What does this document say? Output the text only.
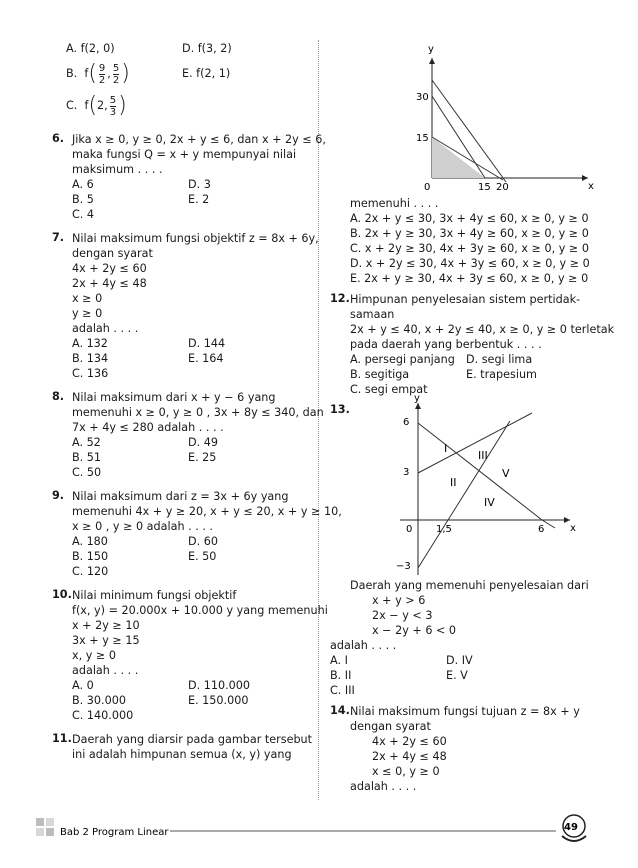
A. f(2, 0)	D. f(3, 2)
B. $f( \frac{9}{2}$ , $\frac{5}{2}$ )	E. f(2, 1)
C. f(2, $\frac{5}{3}$ )
6. Jika x ≥ 0, y ≥ 0, 2x + y ≤ 6, dan x + 2y ≤ 6,
maka fungsi Q = x + y mempunyai nilai
maksimum . . . .
A. 6	D. 3
B. 5	E. 2
C. 4
7. Nilai maksimum fungsi objektif z = 8x + 6y,
dengan syarat
4x + 2y ≤ 60
2x + 4y ≤ 48
x ≥ 0
y ≥ 0
adalah . . . .
A. 132	D. 144
B. 134	E. 164
C. 136
8. Nilai maksimum dari x + y − 6 yang
memenuhi x ≥ 0, y ≥ 0 , 3x + 8y ≤ 340, dan
7x + 4y ≤ 280 adalah . . . .
A. 52	D. 49
B. 51	E. 25
C. 50
9. Nilai maksimum dari z = 3x + 6y yang
memenuhi 4x + y ≥ 20, x + y ≤ 20, x + y ≥ 10,
x ≥ 0 , y ≥ 0 adalah . . . .
A. 180	D. 60
B. 150	E. 50
C. 120
10. Nilai minimum fungsi objektif
f(x, y) = 20.000x + 10.000 y yang memenuhi
x + 2y ≥ 10
3x + y ≥ 15
x, y ≥ 0
adalah . . . .
A. 0	D. 110.000
B. 30.000	E. 150.000
C. 140.000
11. Daerah yang diarsir pada gambar tersebut
ini adalah himpunan semua (x, y) yang
y
x
30
15
0	15 20
memenuhi . . . .
A. 2x + y ≤ 30, 3x + 4y ≤ 60, x ≥ 0, y ≥ 0
B. 2x + y ≥ 30, 3x + 4y ≥ 60, x ≥ 0, y ≥ 0
C. x + 2y ≥ 30, 4x + 3y ≥ 60, x ≥ 0, y ≥ 0
D. x + 2y ≤ 30, 4x + 3y ≤ 60, x ≥ 0, y ≥ 0
E. 2x + y ≥ 30, 4x + 3y ≤ 60, x ≥ 0, y ≥ 0
12. Himpunan penyelesaian sistem pertidak-
samaan
2x + y ≤ 40, x + 2y ≤ 40, x ≥ 0, y ≥ 0 terletak
pada daerah yang berbentuk . . . .
A. persegi panjang D. segi lima
B. segitiga	E. trapesium
C. segi empat
13.
y
x
6
3
−3
0 1,5	6
I
II
III
IV
V
Daerah yang memenuhi penyelesaian dari
x + y > 6
2x − y < 3
x − 2y + 6 < 0
adalah . . . .
A. I	D. IV
B. II	E. V
C. III
14. Nilai maksimum fungsi tujuan z = 8x + y
dengan syarat
4x + 2y ≤ 60
2x + 4y ≤ 48
x ≤ 0, y ≥ 0
adalah . . . .
49
Bab 2 Program Linear
